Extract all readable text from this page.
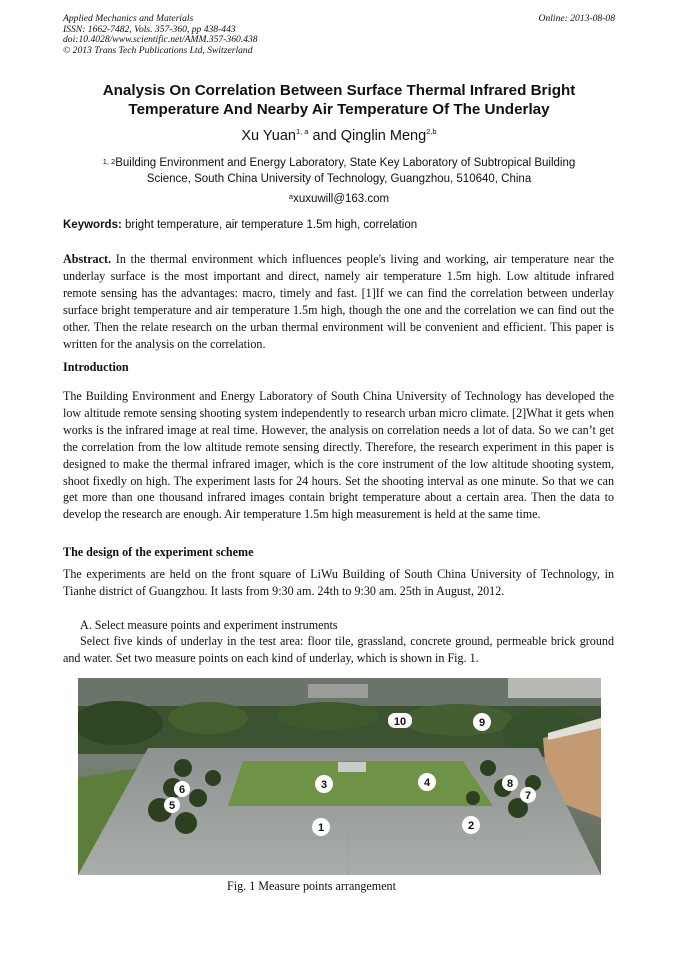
Applied Mechanics and Materials
ISSN: 1662-7482, Vols. 357-360, pp 438-443
doi:10.4028/www.scientific.net/AMM.357-360.438
© 2013 Trans Tech Publications Ltd, Switzerland
Online: 2013-08-08
Analysis On Correlation Between Surface Thermal Infrared Bright
Temperature And Nearby Air Temperature Of The Underlay
Xu Yuan$^{1, a}$ and Qinglin Meng$^{2,b}$
$^{1, 2}$Building Environment and Energy Laboratory, State Key Laboratory of Subtropical Building
Science, South China University of Technology, Guangzhou, 510640, China
$^a$xuxuwill@163.com
Keywords: bright temperature, air temperature 1.5m high, correlation
Abstract. In the thermal environment which influences people's living and working, air temperature near the underlay surface is the most important and direct, namely air temperature 1.5m high. Low altitude infrared remote sensing has the advantages: macro, timely and fast. [1]If we can find the correlation between underlay surface bright temperature and air temperature 1.5m high, though the one and the correlation we can find out the other. Then the relate research on the urban thermal environment will be convenient and efficient. This paper is written for the analysis on the correlation.
Introduction
The Building Environment and Energy Laboratory of South China University of Technology has developed the low altitude remote sensing shooting system independently to research urban micro climate. [2]What it gets when works is the infrared image at real time. However, the analysis on correlation needs a lot of data. So we can’t get the correlation from the low altitude remote sensing directly. Therefore, the research experiment in this paper is designed to make the thermal infrared imager, which is the core instrument of the low altitude shooting system, shoot fixedly on high. The experiment lasts for 24 hours. Set the shooting interval as one minute. So that we can get more than one thousand infrared images contain bright temperature about a certain area. Then the data to develop the research are enough. Air temperature 1.5m high measurement is held at the same time.
The design of the experiment scheme
The experiments are held on the front square of LiWu Building of South China University of Technology, in Tianhe district of Guangzhou. It lasts from 9:30 am. 24th to 9:30 am. 25th in August, 2012.
A. Select measure points and experiment instruments
Select five kinds of underlay in the test area: floor tile, grassland, concrete ground, permeable brick ground and water. Set two measure points on each kind of underlay, which is shown in Fig. 1.
1	2
3	4
5
6	7
8
9
10
Fig. 1 Measure points arrangement
